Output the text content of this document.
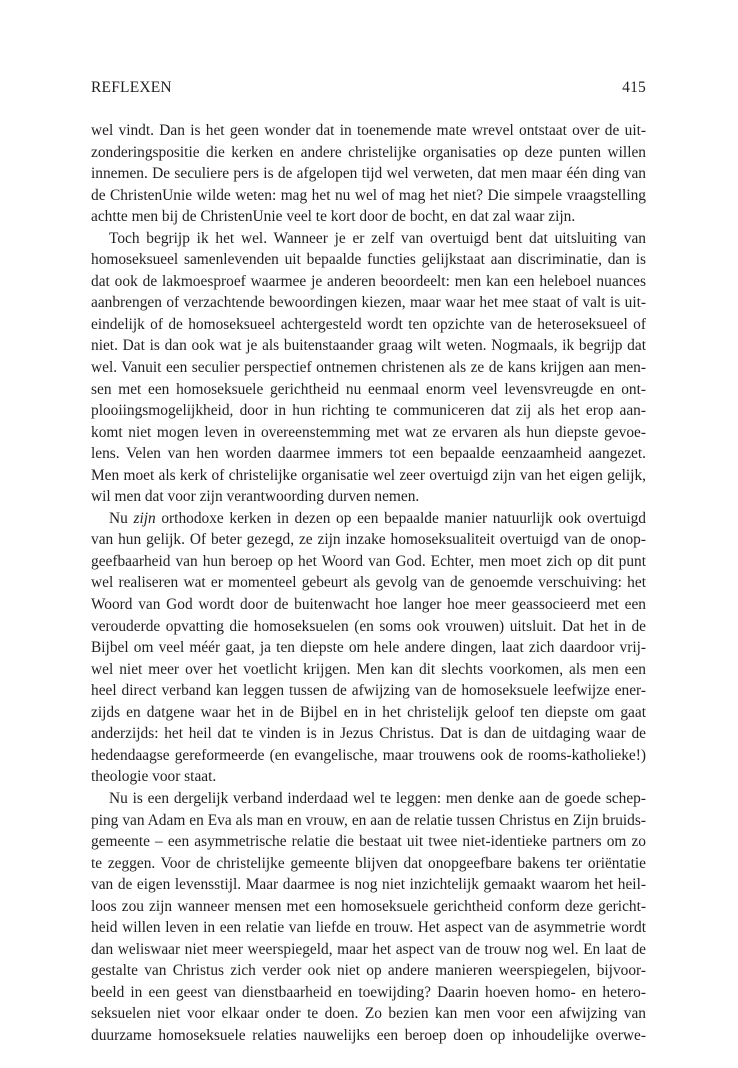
REFLEXEN	415
wel vindt. Dan is het geen wonder dat in toenemende mate wrevel ontstaat over de uit-
zonderingspositie die kerken en andere christelijke organisaties op deze punten willen
innemen. De seculiere pers is de afgelopen tijd wel verweten, dat men maar één ding van
de ChristenUnie wilde weten: mag het nu wel of mag het niet? Die simpele vraagstelling
achtte men bij de ChristenUnie veel te kort door de bocht, en dat zal waar zijn.
Toch begrijp ik het wel. Wanneer je er zelf van overtuigd bent dat uitsluiting van
homoseksueel samenlevenden uit bepaalde functies gelijkstaat aan discriminatie, dan is
dat ook de lakmoesproef waarmee je anderen beoordeelt: men kan een heleboel nuances
aanbrengen of verzachtende bewoordingen kiezen, maar waar het mee staat of valt is uit-
eindelijk of de homoseksueel achtergesteld wordt ten opzichte van de heteroseksueel of
niet. Dat is dan ook wat je als buitenstaander graag wilt weten. Nogmaals, ik begrijp dat
wel. Vanuit een seculier perspectief ontnemen christenen als ze de kans krijgen aan men-
sen met een homoseksuele gerichtheid nu eenmaal enorm veel levensvreugde en ont-
plooiingsmogelijkheid, door in hun richting te communiceren dat zij als het erop aan-
komt niet mogen leven in overeenstemming met wat ze ervaren als hun diepste gevoe-
lens. Velen van hen worden daarmee immers tot een bepaalde eenzaamheid aangezet.
Men moet als kerk of christelijke organisatie wel zeer overtuigd zijn van het eigen gelijk,
wil men dat voor zijn verantwoording durven nemen.
Nu zijn orthodoxe kerken in dezen op een bepaalde manier natuurlijk ook overtuigd
van hun gelijk. Of beter gezegd, ze zijn inzake homoseksualiteit overtuigd van de onop-
geefbaarheid van hun beroep op het Woord van God. Echter, men moet zich op dit punt
wel realiseren wat er momenteel gebeurt als gevolg van de genoemde verschuiving: het
Woord van God wordt door de buitenwacht hoe langer hoe meer geassocieerd met een
verouderde opvatting die homoseksuelen (en soms ook vrouwen) uitsluit. Dat het in de
Bijbel om veel méér gaat, ja ten diepste om hele andere dingen, laat zich daardoor vrij-
wel niet meer over het voetlicht krijgen. Men kan dit slechts voorkomen, als men een
heel direct verband kan leggen tussen de afwijzing van de homoseksuele leefwijze ener-
zijds en datgene waar het in de Bijbel en in het christelijk geloof ten diepste om gaat
anderzijds: het heil dat te vinden is in Jezus Christus. Dat is dan de uitdaging waar de
hedendaagse gereformeerde (en evangelische, maar trouwens ook de rooms-katholieke!)
theologie voor staat.
Nu is een dergelijk verband inderdaad wel te leggen: men denke aan de goede schep-
ping van Adam en Eva als man en vrouw, en aan de relatie tussen Christus en Zijn bruids-
gemeente – een asymmetrische relatie die bestaat uit twee niet-identieke partners om zo
te zeggen. Voor de christelijke gemeente blijven dat onopgeefbare bakens ter oriëntatie
van de eigen levensstijl. Maar daarmee is nog niet inzichtelijk gemaakt waarom het heil-
loos zou zijn wanneer mensen met een homoseksuele gerichtheid conform deze gericht-
heid willen leven in een relatie van liefde en trouw. Het aspect van de asymmetrie wordt
dan weliswaar niet meer weerspiegeld, maar het aspect van de trouw nog wel. En laat de
gestalte van Christus zich verder ook niet op andere manieren weerspiegelen, bijvoor-
beeld in een geest van dienstbaarheid en toewijding? Daarin hoeven homo- en hetero-
seksuelen niet voor elkaar onder te doen. Zo bezien kan men voor een afwijzing van
duurzame homoseksuele relaties nauwelijks een beroep doen op inhoudelijke overwe-
